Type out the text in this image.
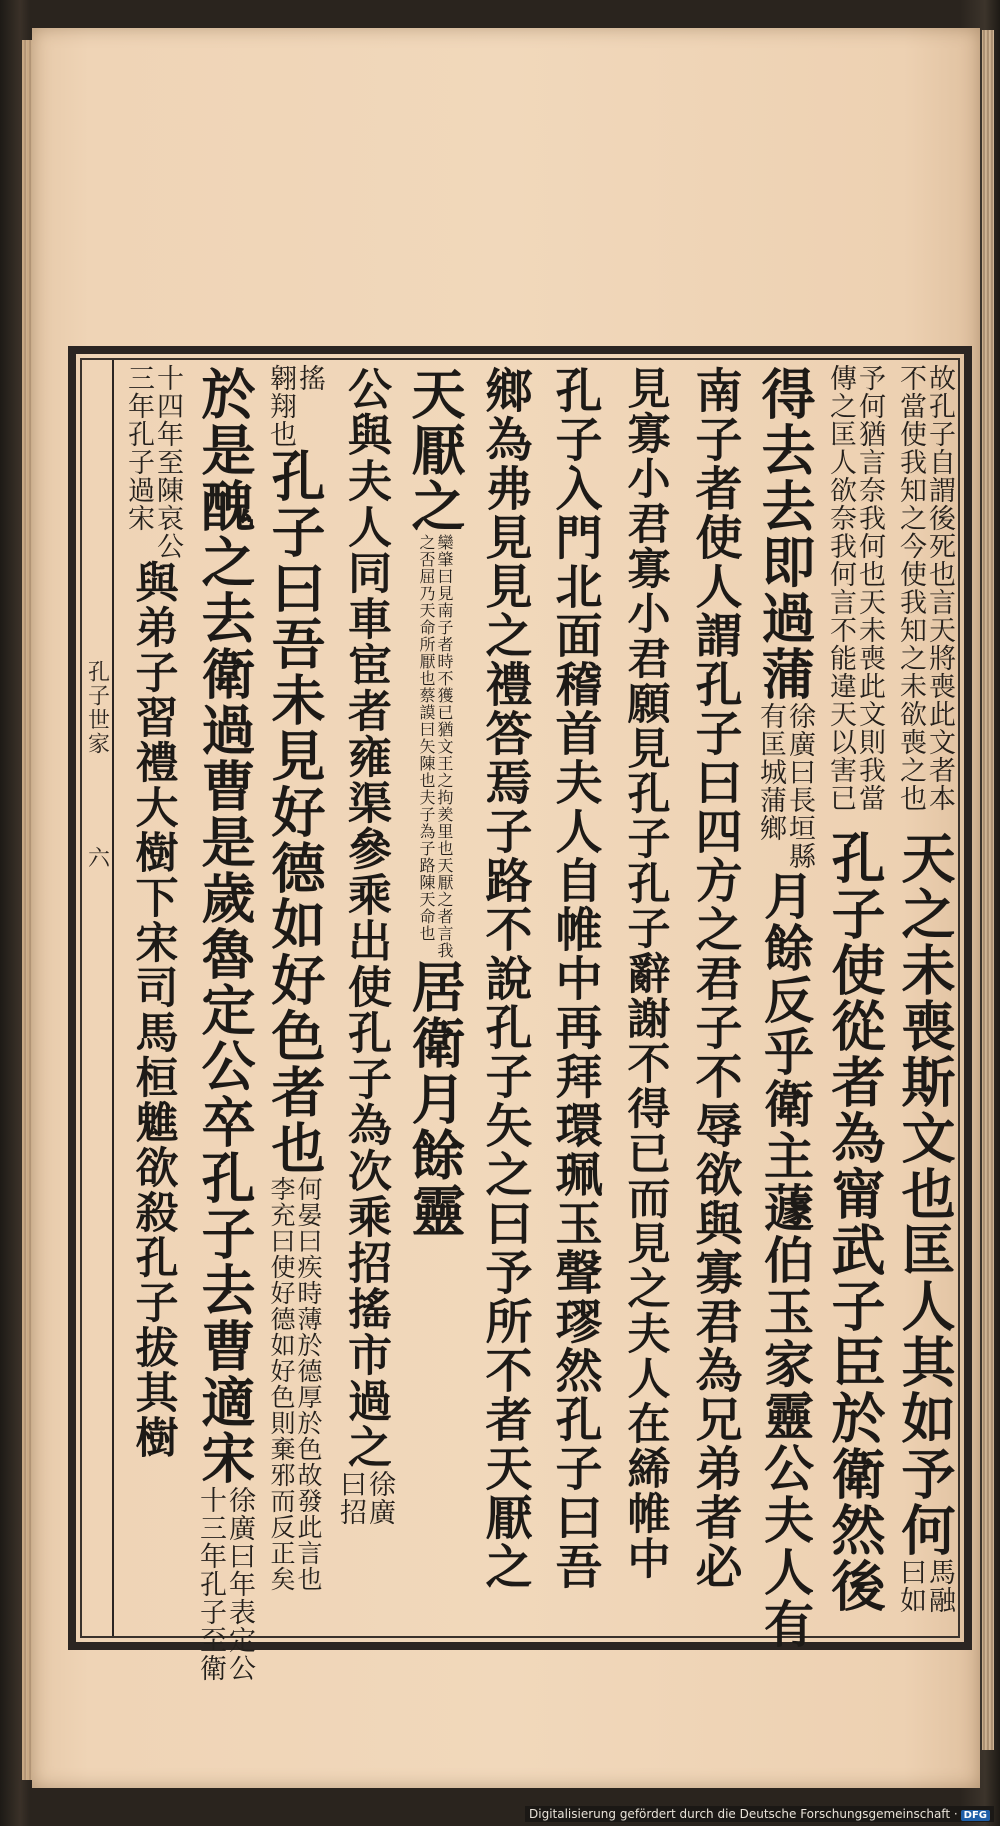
孔子世家
六
故孔子自謂後死也言天將喪此文者本
不當使我知之今使我知之未欲喪之也
天之未喪斯文也匡人其如予何
馬融
曰如
予何猶言奈我何也天未喪此文則我當
傳之匡人欲奈我何言不能違天以害已
孔子使從者為甯武子臣於衛然後
得去去即過蒲
徐廣曰長垣縣
有匡城蒲鄉
月餘反乎衛主蘧伯玉家靈公夫人有
南子者使人謂孔子曰四方之君子不辱欲與寡君為兄弟者必
見寡小君寡小君願見孔子孔子辭謝不得已而見之夫人在絺帷中
孔子入門北面稽首夫人自帷中再拜環珮玉聲璆然孔子曰吾
鄉為弗見見之禮答焉子路不說孔子矢之曰予所不者天厭之
天厭之
欒肇曰見南子者時不獲已猶文王之拘羑里也天厭之者言我
之否屈乃天命所厭也蔡謨曰矢陳也夫子為子路陳天命也
居衛月餘靈
公與夫人同車宦者雍渠參乘出使孔子為次乘招搖市過之
徐廣
曰招
搖
翱翔也
孔子曰吾未見好德如好色者也
何晏曰疾時薄於德厚於色故發此言也
李充曰使好德如好色則棄邪而反正矣
於是醜之去衛過曹是歲魯定公卒孔子去曹適宋
徐廣曰年表定公
十三年孔子至衛
十四年至陳哀公
三年孔子過宋
與弟子習禮大樹下宋司馬桓魋欲殺孔子拔其樹
Digitalisierung gefördert durch die Deutsche Forschungsgemeinschaft · DFG
